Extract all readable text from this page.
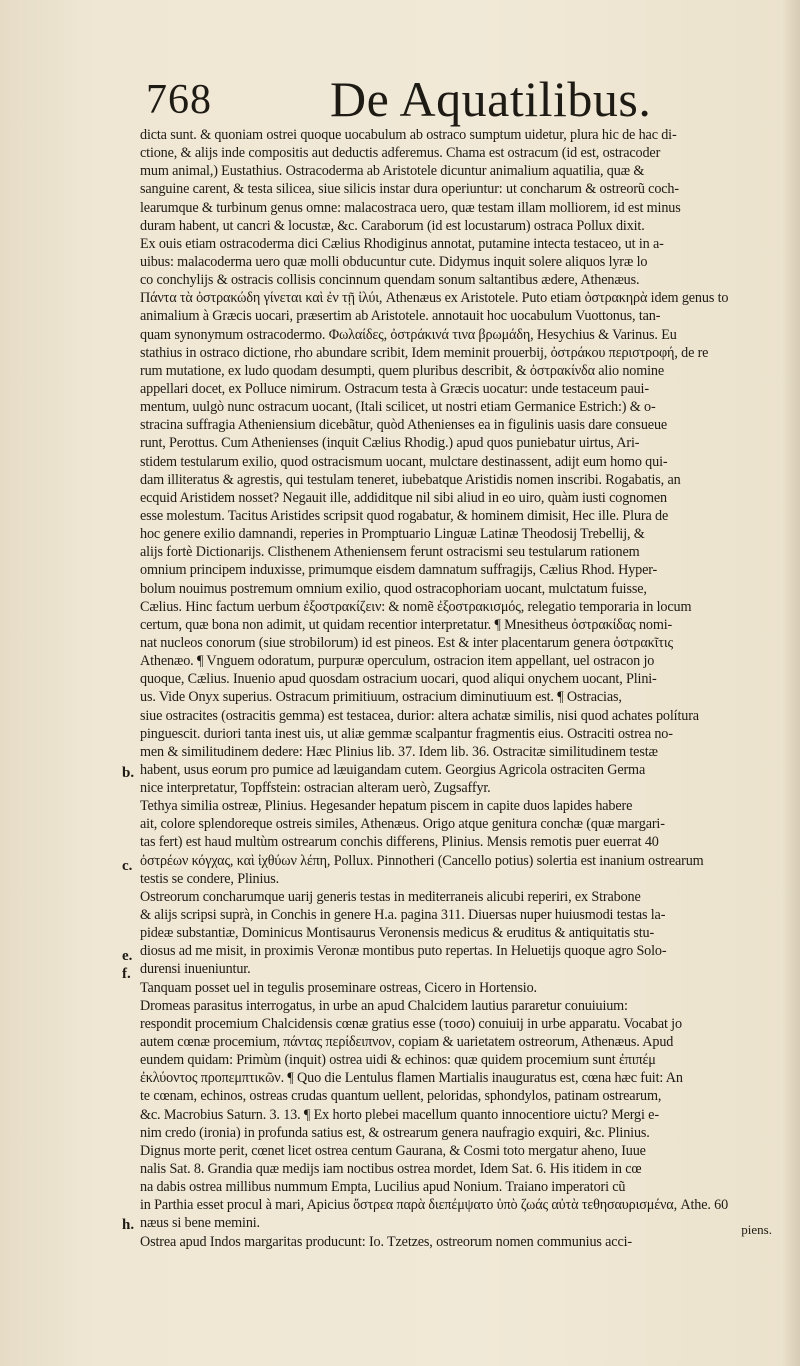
768 De Aquatilibus.
dicta sunt. & quoniam ostrei quoque uocabulum ab ostraco sumptum uidetur, plura hic de hac di-
ctione, & alijs inde compositis aut deductis adferemus. Chama est ostracum (id est, ostracoder
mum animal,) Eustathius. Ostracoderma ab Aristotele dicuntur animalium aquatilia, quæ &
sanguine carent, & testa silicea, siue silicis instar dura operiuntur: ut concharum & ostreorũ coch-
learumque & turbinum genus omne: malacostraca uero, quæ testam illam molliorem, id est minus
duram habent, ut cancri & locustæ, &c. Caraborum (id est locustarum) ostraca Pollux dixit.
Ex ouis etiam ostracoderma dici Cælius Rhodiginus annotat, putamine intecta testaceo, ut in a-
uibus: malacoderma uero quæ molli obducuntur cute. Didymus inquit solere aliquos lyræ lo
co conchylijs & ostracis collisis concinnum quendam sonum saltantibus ædere, Athenæus.
Πάντα τὰ ὀστρακώδη γίνεται καὶ ἐν τῇ ἰλύι, Athenæus ex Aristotele. Puto etiam ὀστρακηρὰ idem genus to
animalium à Græcis uocari, præsertim ab Aristotele. annotauit hoc uocabulum Vuottonus, tan-
quam synonymum ostracodermo. Φωλαίδες, ὀστράκινά τινα βρωμάδη, Hesychius & Varinus. Eu
stathius in ostraco dictione, rho abundare scribit, Idem meminit prouerbij, ὀστράκου περιστροφή, de re
rum mutatione, ex ludo quodam desumpti, quem pluribus describit, & ὀστρακίνδα alio nomine
appellari docet, ex Polluce nimirum. Ostracum testa à Græcis uocatur: unde testaceum paui-
mentum, uulgò nunc ostracum uocant, (Itali scilicet, ut nostri etiam Germanice Estrich:) & o-
stracina suffragia Atheniensium dicebãtur, quòd Athenienses ea in figulinis uasis dare consueue
runt, Perottus. Cum Athenienses (inquit Cælius Rhodig.) apud quos puniebatur uirtus, Ari-
stidem testularum exilio, quod ostracismum uocant, mulctare destinassent, adijt eum homo qui-
dam illiteratus & agrestis, qui testulam teneret, iubebatque Aristidis nomen inscribi. Rogabatis, an
ecquid Aristidem nosset? Negauit ille, addiditque nil sibi aliud in eo uiro, quàm iusti cognomen
esse molestum. Tacitus Aristides scripsit quod rogabatur, & hominem dimisit, Hec ille. Plura de
hoc genere exilio damnandi, reperies in Promptuario Linguæ Latinæ Theodosij Trebellij, &
alijs fortè Dictionarijs. Clisthenem Atheniensem ferunt ostracismi seu testularum rationem
omnium principem induxisse, primumque eisdem damnatum suffragijs, Cælius Rhod. Hyper-
bolum nouimus postremum omnium exilio, quod ostracophoriam uocant, mulctatum fuisse,
Cælius. Hinc factum uerbum ἐξοστρακίζειν: & nomẽ ἐξοστρακισμός, relegatio temporaria in locum
certum, quæ bona non adimit, ut quidam recentior interpretatur. ¶ Mnesitheus ὀστρακίδας nomi-
nat nucleos conorum (siue strobilorum) id est pineos. Est & inter placentarum genera ὀστρακῖτις
Athenæo. ¶ Vnguem odoratum, purpuræ operculum, ostracion item appellant, uel ostracon jo
quoque, Cælius. Inuenio apud quosdam ostracium uocari, quod aliqui onychem uocant, Plini-
us. Vide Onyx superius. Ostracum primitiuum, ostracium diminutiuum est. ¶ Ostracias,
siue ostracites (ostracitis gemma) est testacea, durior: altera achatæ similis, nisi quod achates polítura
pinguescit. duriori tanta inest uis, ut aliæ gemmæ scalpantur fragmentis eius. Ostraciti ostrea no-
men & similitudinem dedere: Hæc Plinius lib. 37. Idem lib. 36. Ostracitæ similitudinem testæ
habent, usus eorum pro pumice ad læuigandam cutem. Georgius Agricola ostraciten Germa
nice interpretatur, Topffstein: ostracian alteram uerò, Zugsaffyr.
Tethya similia ostreæ, Plinius. Hegesander hepatum piscem in capite duos lapides habere
ait, colore splendoreque ostreis similes, Athenæus. Origo atque genitura conchæ (quæ margari-
tas fert) est haud multùm ostrearum conchis differens, Plinius. Mensis remotis puer euerrat 40
ὀστρέων κόγχας, καὶ ἰχθύων λέπη, Pollux. Pinnotheri (Cancello potius) solertia est inanium ostrearum
testis se condere, Plinius.
Ostreorum concharumque uarij generis testas in mediterraneis alicubi reperiri, ex Strabone
& alijs scripsi suprà, in Conchis in genere H.a. pagina 311. Diuersas nuper huiusmodi testas la-
pideæ substantiæ, Dominicus Montisaurus Veronensis medicus & eruditus & antiquitatis stu-
diosus ad me misit, in proximis Veronæ montibus puto repertas. In Heluetijs quoque agro Solo-
durensi inueniuntur.
Tanquam posset uel in tegulis proseminare ostreas, Cicero in Hortensio.
Dromeas parasitus interrogatus, in urbe an apud Chalcidem lautius pararetur conuiuium:
respondit procemium Chalcidensis cœnæ gratius esse (τοσο) conuiuij in urbe apparatu. Vocabat jo
autem cœnæ procemium, πάντας περίδειπνον, copiam & uarietatem ostreorum, Athenæus. Apud
eundem quidam: Primùm (inquit) ostrea uidi & echinos: quæ quidem procemium sunt ἐπιπέμ
ἐκλύοντος προπεμπτικῶν. ¶ Quo die Lentulus flamen Martialis inauguratus est, cœna hæc fuit: An
te cœnam, echinos, ostreas crudas quantum uellent, peloridas, sphondylos, patinam ostrearum,
&c. Macrobius Saturn. 3. 13. ¶ Ex horto plebei macellum quanto innocentiore uictu? Mergi e-
nim credo (ironia) in profunda satius est, & ostrearum genera naufragio exquiri, &c. Plinius.
Dignus morte perit, cœnet licet ostrea centum Gaurana, & Cosmi toto mergatur aheno, Iuue
nalis Sat. 8. Grandia quæ medijs iam noctibus ostrea mordet, Idem Sat. 6. His itidem in cœ
na dabis ostrea millibus nummum Empta, Lucilius apud Nonium. Traiano imperatori cũ
in Parthia esset procul à mari, Apicius ὄστρεα παρὰ διεπέμψατο ὑπὸ ζωάς αὐτὰ τεθησαυρισμένα, Athe. 60
næus si bene memini.
Ostrea apud Indos margaritas producunt: Io. Tzetzes, ostreorum nomen communius acci-
b.
c.
e.
f.
h.	piens.
